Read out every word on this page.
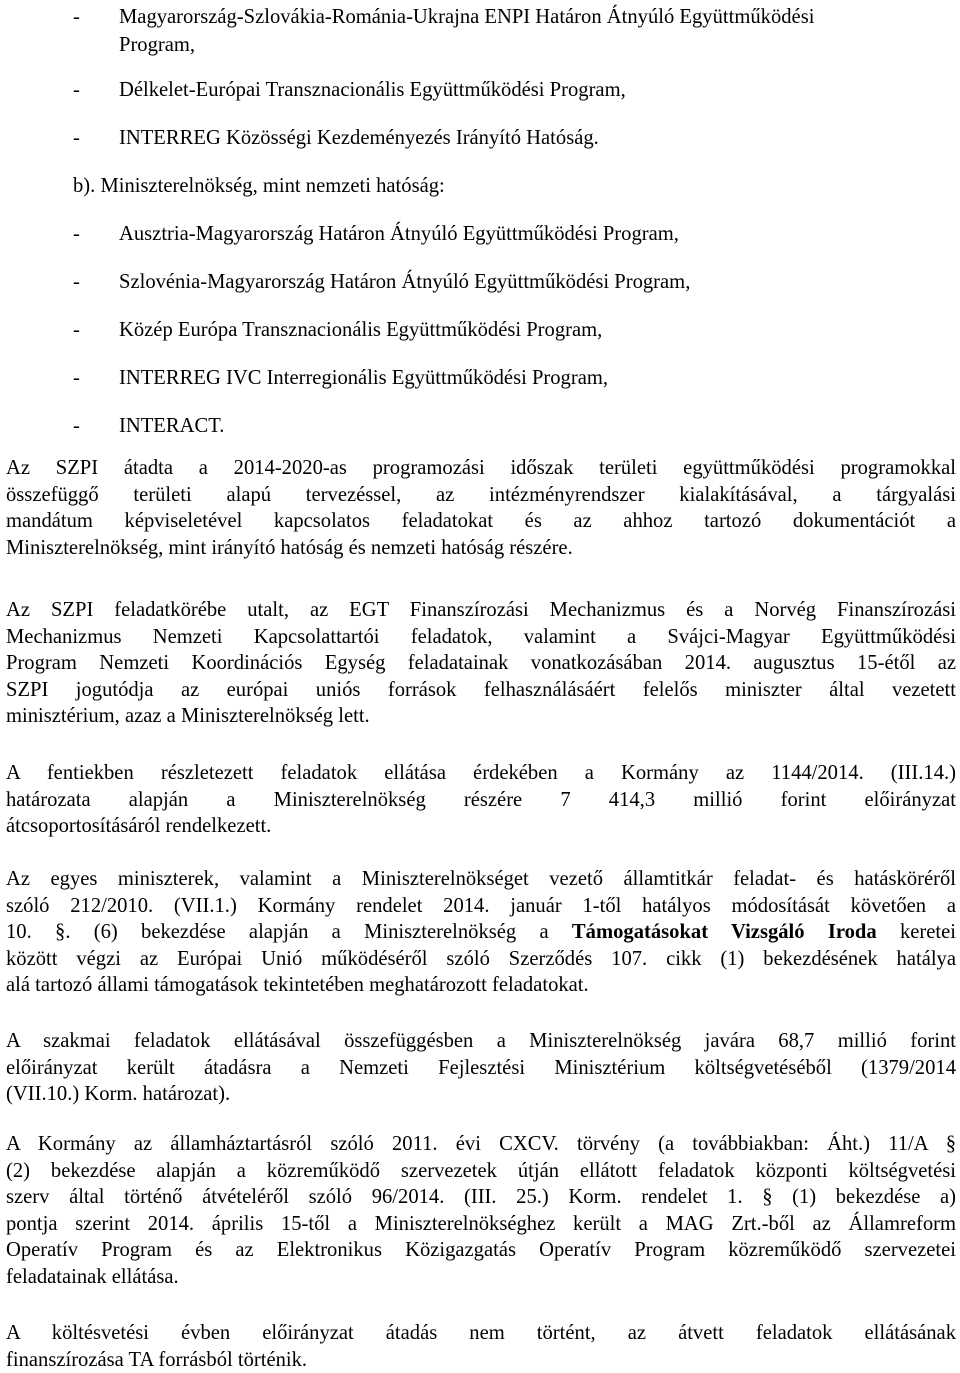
- Magyarország-Szlovákia-Románia-Ukrajna ENPI Határon Átnyúló Együttműködési
Program,
- Délkelet-Európai Transznacionális Együttműködési Program,
- INTERREG Közösségi Kezdeményezés Irányító Hatóság.
b). Miniszterelnökség, mint nemzeti hatóság:
- Ausztria-Magyarország Határon Átnyúló Együttműködési Program,
- Szlovénia-Magyarország Határon Átnyúló Együttműködési Program,
- Közép Európa Transznacionális Együttműködési Program,
- INTERREG IVC Interregionális Együttműködési Program,
- INTERACT.
Az SZPI átadta a 2014-2020-as programozási időszak területi együttműködési programokkal
összefüggő területi alapú tervezéssel, az intézményrendszer kialakításával, a tárgyalási
mandátum képviseletével kapcsolatos feladatokat és az ahhoz tartozó dokumentációt a
Miniszterelnökség, mint irányító hatóság és nemzeti hatóság részére.
Az SZPI feladatkörébe utalt, az EGT Finanszírozási Mechanizmus és a Norvég Finanszírozási
Mechanizmus Nemzeti Kapcsolattartói feladatok, valamint a Svájci-Magyar Együttműködési
Program Nemzeti Koordinációs Egység feladatainak vonatkozásában 2014. augusztus 15-étől az
SZPI jogutódja az európai uniós források felhasználásáért felelős miniszter által vezetett
minisztérium, azaz a Miniszterelnökség lett.
A fentiekben részletezett feladatok ellátása érdekében a Kormány az 1144/2014. (III.14.)
határozata alapján a Miniszterelnökség részére 7 414,3 millió forint előirányzat
átcsoportosításáról rendelkezett.
Az egyes miniszterek, valamint a Miniszterelnökséget vezető államtitkár feladat- és hatásköréről
szóló 212/2010. (VII.1.) Kormány rendelet 2014. január 1-től hatályos módosítását követően a
10. §. (6) bekezdése alapján a Miniszterelnökség a Támogatásokat Vizsgáló Iroda keretei
között végzi az Európai Unió működéséről szóló Szerződés 107. cikk (1) bekezdésének hatálya
alá tartozó állami támogatások tekintetében meghatározott feladatokat.
A szakmai feladatok ellátásával összefüggésben a Miniszterelnökség javára 68,7 millió forint
előirányzat került átadásra a Nemzeti Fejlesztési Minisztérium költségvetéséből (1379/2014
(VII.10.) Korm. határozat).
A Kormány az államháztartásról szóló 2011. évi CXCV. törvény (a továbbiakban: Áht.) 11/A §
(2) bekezdése alapján a közreműködő szervezetek útján ellátott feladatok központi költségvetési
szerv által történő átvételéről szóló 96/2014. (III. 25.) Korm. rendelet 1. § (1) bekezdése a)
pontja szerint 2014. április 15-től a Miniszterelnökséghez került a MAG Zrt.-ből az Államreform
Operatív Program és az Elektronikus Közigazgatás Operatív Program közreműködő szervezetei
feladatainak ellátása.
A költésvetési évben előirányzat átadás nem történt, az átvett feladatok ellátásának
finanszírozása TA forrásból történik.
